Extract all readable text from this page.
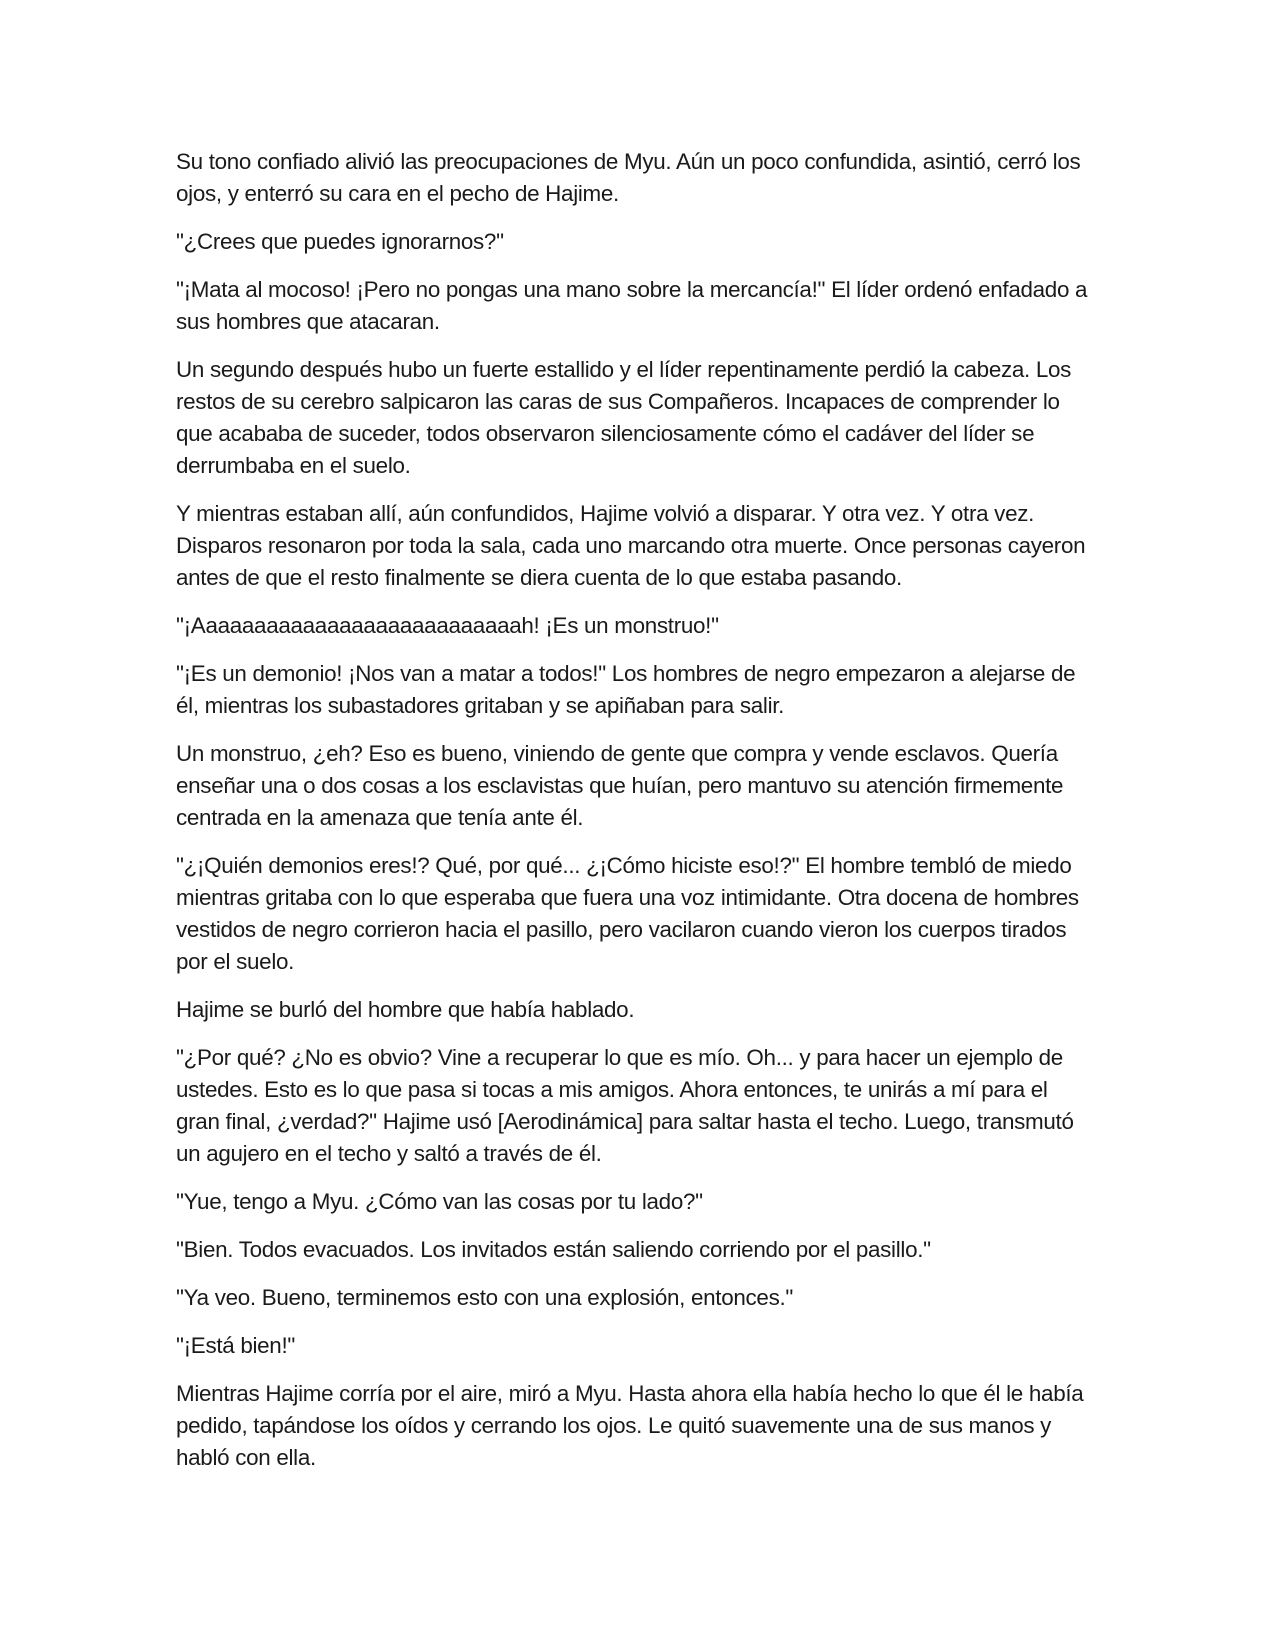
Su tono confiado alivió las preocupaciones de Myu. Aún un poco confundida, asintió, cerró los ojos, y enterró su cara en el pecho de Hajime.

"¿Crees que puedes ignorarnos?"

"¡Mata al mocoso! ¡Pero no pongas una mano sobre la mercancía!" El líder ordenó enfadado a sus hombres que atacaran.

Un segundo después hubo un fuerte estallido y el líder repentinamente perdió la cabeza. Los restos de su cerebro salpicaron las caras de sus Compañeros. Incapaces de comprender lo que acababa de suceder, todos observaron silenciosamente cómo el cadáver del líder se derrumbaba en el suelo.

Y mientras estaban allí, aún confundidos, Hajime volvió a disparar. Y otra vez. Y otra vez. Disparos resonaron por toda la sala, cada uno marcando otra muerte. Once personas cayeron antes de que el resto finalmente se diera cuenta de lo que estaba pasando.

"¡Aaaaaaaaaaaaaaaaaaaaaaaaaaah! ¡Es un monstruo!"

"¡Es un demonio! ¡Nos van a matar a todos!" Los hombres de negro empezaron a alejarse de él, mientras los subastadores gritaban y se apiñaban para salir.

Un monstruo, ¿eh? Eso es bueno, viniendo de gente que compra y vende esclavos. Quería enseñar una o dos cosas a los esclavistas que huían, pero mantuvo su atención firmemente centrada en la amenaza que tenía ante él.

"¿¡Quién demonios eres!? Qué, por qué... ¿¡Cómo hiciste eso!?" El hombre tembló de miedo mientras gritaba con lo que esperaba que fuera una voz intimidante. Otra docena de hombres vestidos de negro corrieron hacia el pasillo, pero vacilaron cuando vieron los cuerpos tirados por el suelo.

Hajime se burló del hombre que había hablado.

"¿Por qué? ¿No es obvio? Vine a recuperar lo que es mío. Oh... y para hacer un ejemplo de ustedes. Esto es lo que pasa si tocas a mis amigos. Ahora entonces, te unirás a mí para el gran final, ¿verdad?" Hajime usó [Aerodinámica] para saltar hasta el techo. Luego, transmutó un agujero en el techo y saltó a través de él.

"Yue, tengo a Myu. ¿Cómo van las cosas por tu lado?"

"Bien. Todos evacuados. Los invitados están saliendo corriendo por el pasillo."

"Ya veo. Bueno, terminemos esto con una explosión, entonces."

"¡Está bien!"

Mientras Hajime corría por el aire, miró a Myu. Hasta ahora ella había hecho lo que él le había pedido, tapándose los oídos y cerrando los ojos. Le quitó suavemente una de sus manos y habló con ella.
